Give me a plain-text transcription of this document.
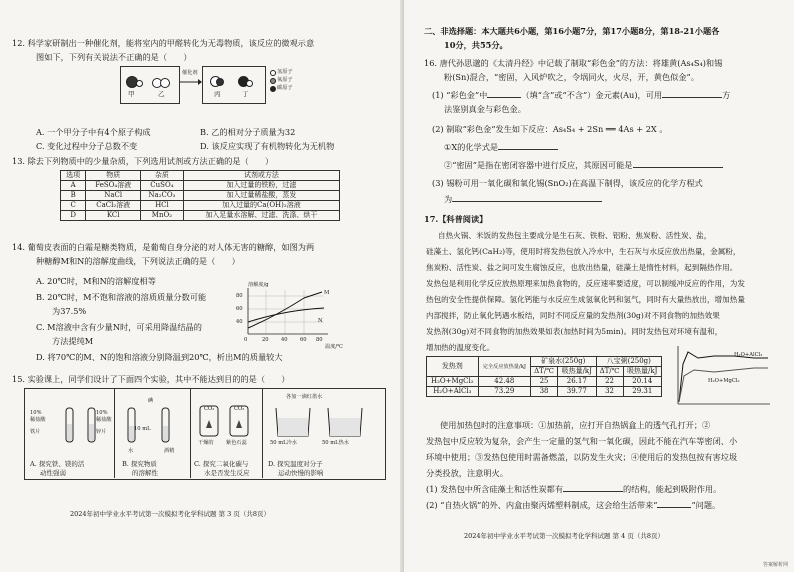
12. 科学家研制出一种催化剂，能将室内的甲醛转化为无毒物质，该反应的微观示意
图如下，下列有关说法不正确的是（　　）
甲	乙
催化剂
丙	丁
氢原子
氧原子
碳原子
A. 一个甲分子中有4个原子构成	B. 乙的相对分子质量为32
C. 变化过程中分子总数不变	D. 该反应实现了有机物转化为无机物
13. 除去下列物质中的少量杂质，下列选用试剂或方法正确的是（　　）
选项	物质	杂质	试剂或方法
A	FeSO₄溶液	CuSO₄	加入过量的铁粉，过滤
B	NaCl	Na₂CO₃	加入过量稀盐酸，蒸发
C	CaCl₂溶液	HCl	加入过量的Ca(OH)₂溶液
D	KCl	MnO₂	加入足量水溶解、过滤、洗涤、烘干
14. 葡萄皮表面的白霜是糖类物质，是葡萄自身分泌的对人体无害的糖醇，如图为两
种糖醇M和N的溶解度曲线，下列说法正确的是（　　）
A. 20℃时，M和N的溶解度相等
B. 20℃时，M不饱和溶液的溶质质量分数可能
为37.5%
C. M溶液中含有少量N时，可采用降温结晶的
方法提纯M
D. 将70℃的M、N的饱和溶液分别降温到20℃，析出M的质量较大
溶解度/g
80
60
40
M
N
0	20 40 60 80
温度/℃
15. 实验课上，同学们设计了下面四个实验，其中不能达到目的的是（　　）
10%
稀盐酸
铁片
10%
稀盐酸
锌片
碘
10 mL
水	酒精
CO₂	CO₂
干燥的 紫色石蕊
各加一滴红墨水
50 mL冷水	50 mL热水
A. 探究铁、镁的活
动性强弱
B. 探究物质
的溶解性
C. 探究二氧化碳与
水是否发生反应
D. 探究温度对分子
运动快慢的影响
2024年初中学业水平考试第一次模拟考化学科试题 第 3 页（共8页）
二、非选择题：本大题共6小题，第16小题7分，第17小题8分，第18-21小题各
10分，共55分。
16. 唐代孙思邈的《太清丹经》中记载了制取“彩色金”的方法：将雄黄(As₄S₄)和锡
粉(Sn)混合，“密固，入风炉吹之，令埚同火，火尽，开，黄色似金”。
(1) “彩色金”中	（填“含”或“不含”）金元素(Au)，可用	方
法鉴别真金与彩色金。
(2) 制取“彩色金”发生如下反应：As₄S₄ + 2Sn ══ 4As + 2X 。
①X的化学式是
②“密固”是指在密闭容器中进行反应，其原因可能是
(3) 锡粉可用一氧化碳和氧化锡(SnO₂)在高温下制得，该反应的化学方程式
为
17.【科普阅读】
自热火锅、米饭的发热包主要成分是生石灰、铁粉、铝粉、焦炭粉、活性炭、盐，
硅藻土、氢化钙(CaH₂)等，使用时将发热包放入冷水中，生石灰与水反应放出热量，金属粉，
焦炭粉、活性炭、盐之间可发生腐蚀反应，也放出热量，硅藻土是惰性材料，起到隔热作用。
发热包是利用化学反应放热原理来加热食物的，反应速率要适度，可以制缓冲反应的作用，为发
热包的安全性提供保障。氢化钙能与水反应生成氢氧化钙和氢气，同时有大量热放出，增加热量
内部搅拌，防止氧化钙遇水板结，同时不同反应量的发热剂(30g)对不同食物的加热效果
发热剂(30g)对不同食物的加热效果如表(加热时间为5min)。同时发热包对环境有温和，
增加热的温度变化。
发热剂	完全反应放热量/kJ	矿泉水(250g)		八宝粥(250g)	
		ΔT/℃	吸热量/kJ	ΔT/℃	吸热量/kJ
H₂O+MgCl₂	42.48	25	26.17	22	20.14
H₂O+AlCl₃	73.29	38	39.77	32	29.31
H₂O+AlCl₃
H₂O+MgCl₂
使用加热包时的注意事项：①加热前，应打开自热锅盒上的透气孔打开；②
发热包中反应较为复杂，会产生一定量的氢气和一氧化碳，因此不能在汽车等密闭、小
环境中使用；③发热包使用时需备燃盖，以防发生火灾；④使用后的发热包按有害垃圾
分类投放，注意明火。
(1) 发热包中所含硅藻土和活性炭都有	的结构，能起到吸附作用。
(2) “自热火锅”的外、内盒由聚丙烯塑料制成，这会给生活带来“	”问题。
2024年初中学业水平考试第一次模拟考化学科试题 第 4 页（共8页）
答案解析网
